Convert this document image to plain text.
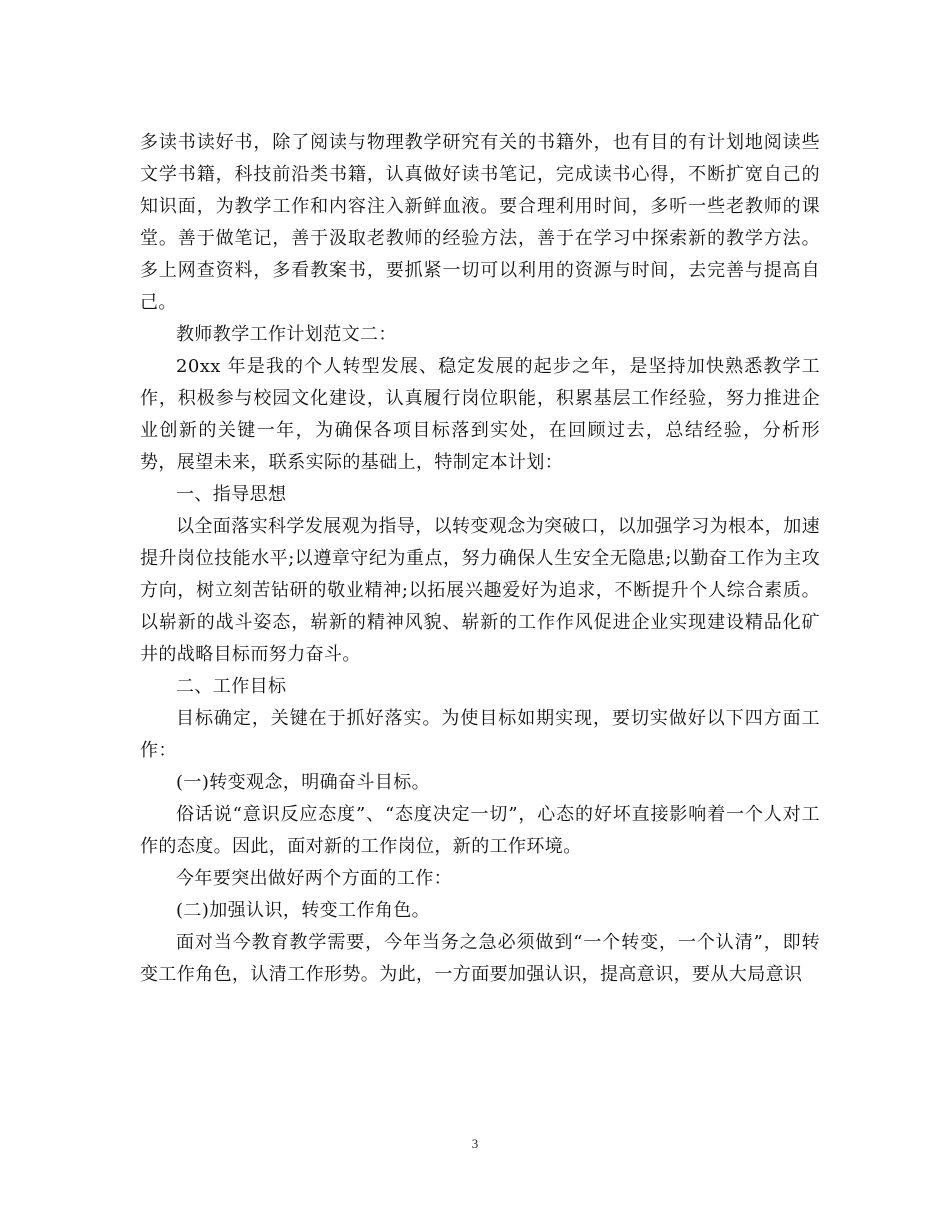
多读书读好书，除了阅读与物理教学研究有关的书籍外，也有目的有计划地阅读些文学书籍，科技前沿类书籍，认真做好读书笔记，完成读书心得，不断扩宽自己的知识面，为教学工作和内容注入新鲜血液。要合理利用时间，多听一些老教师的课堂。善于做笔记，善于汲取老教师的经验方法，善于在学习中探索新的教学方法。多上网查资料，多看教案书，要抓紧一切可以利用的资源与时间，去完善与提高自己。

教师教学工作计划范文二：

20xx 年是我的个人转型发展、稳定发展的起步之年，是坚持加快熟悉教学工作，积极参与校园文化建设，认真履行岗位职能，积累基层工作经验，努力推进企业创新的关键一年，为确保各项目标落到实处，在回顾过去，总结经验，分析形势，展望未来，联系实际的基础上，特制定本计划：

一、指导思想

以全面落实科学发展观为指导，以转变观念为突破口，以加强学习为根本，加速提升岗位技能水平;以遵章守纪为重点，努力确保人生安全无隐患;以勤奋工作为主攻方向，树立刻苦钻研的敬业精神;以拓展兴趣爱好为追求，不断提升个人综合素质。以崭新的战斗姿态，崭新的精神风貌、崭新的工作作风促进企业实现建设精品化矿井的战略目标而努力奋斗。

二、工作目标

目标确定，关键在于抓好落实。为使目标如期实现，要切实做好以下四方面工作：

(一)转变观念，明确奋斗目标。

俗话说“意识反应态度”、“态度决定一切”，心态的好坏直接影响着一个人对工作的态度。因此，面对新的工作岗位，新的工作环境。

今年要突出做好两个方面的工作：

(二)加强认识，转变工作角色。

面对当今教育教学需要，今年当务之急必须做到“一个转变，一个认清”，即转变工作角色，认清工作形势。为此，一方面要加强认识，提高意识，要从大局意识

3
